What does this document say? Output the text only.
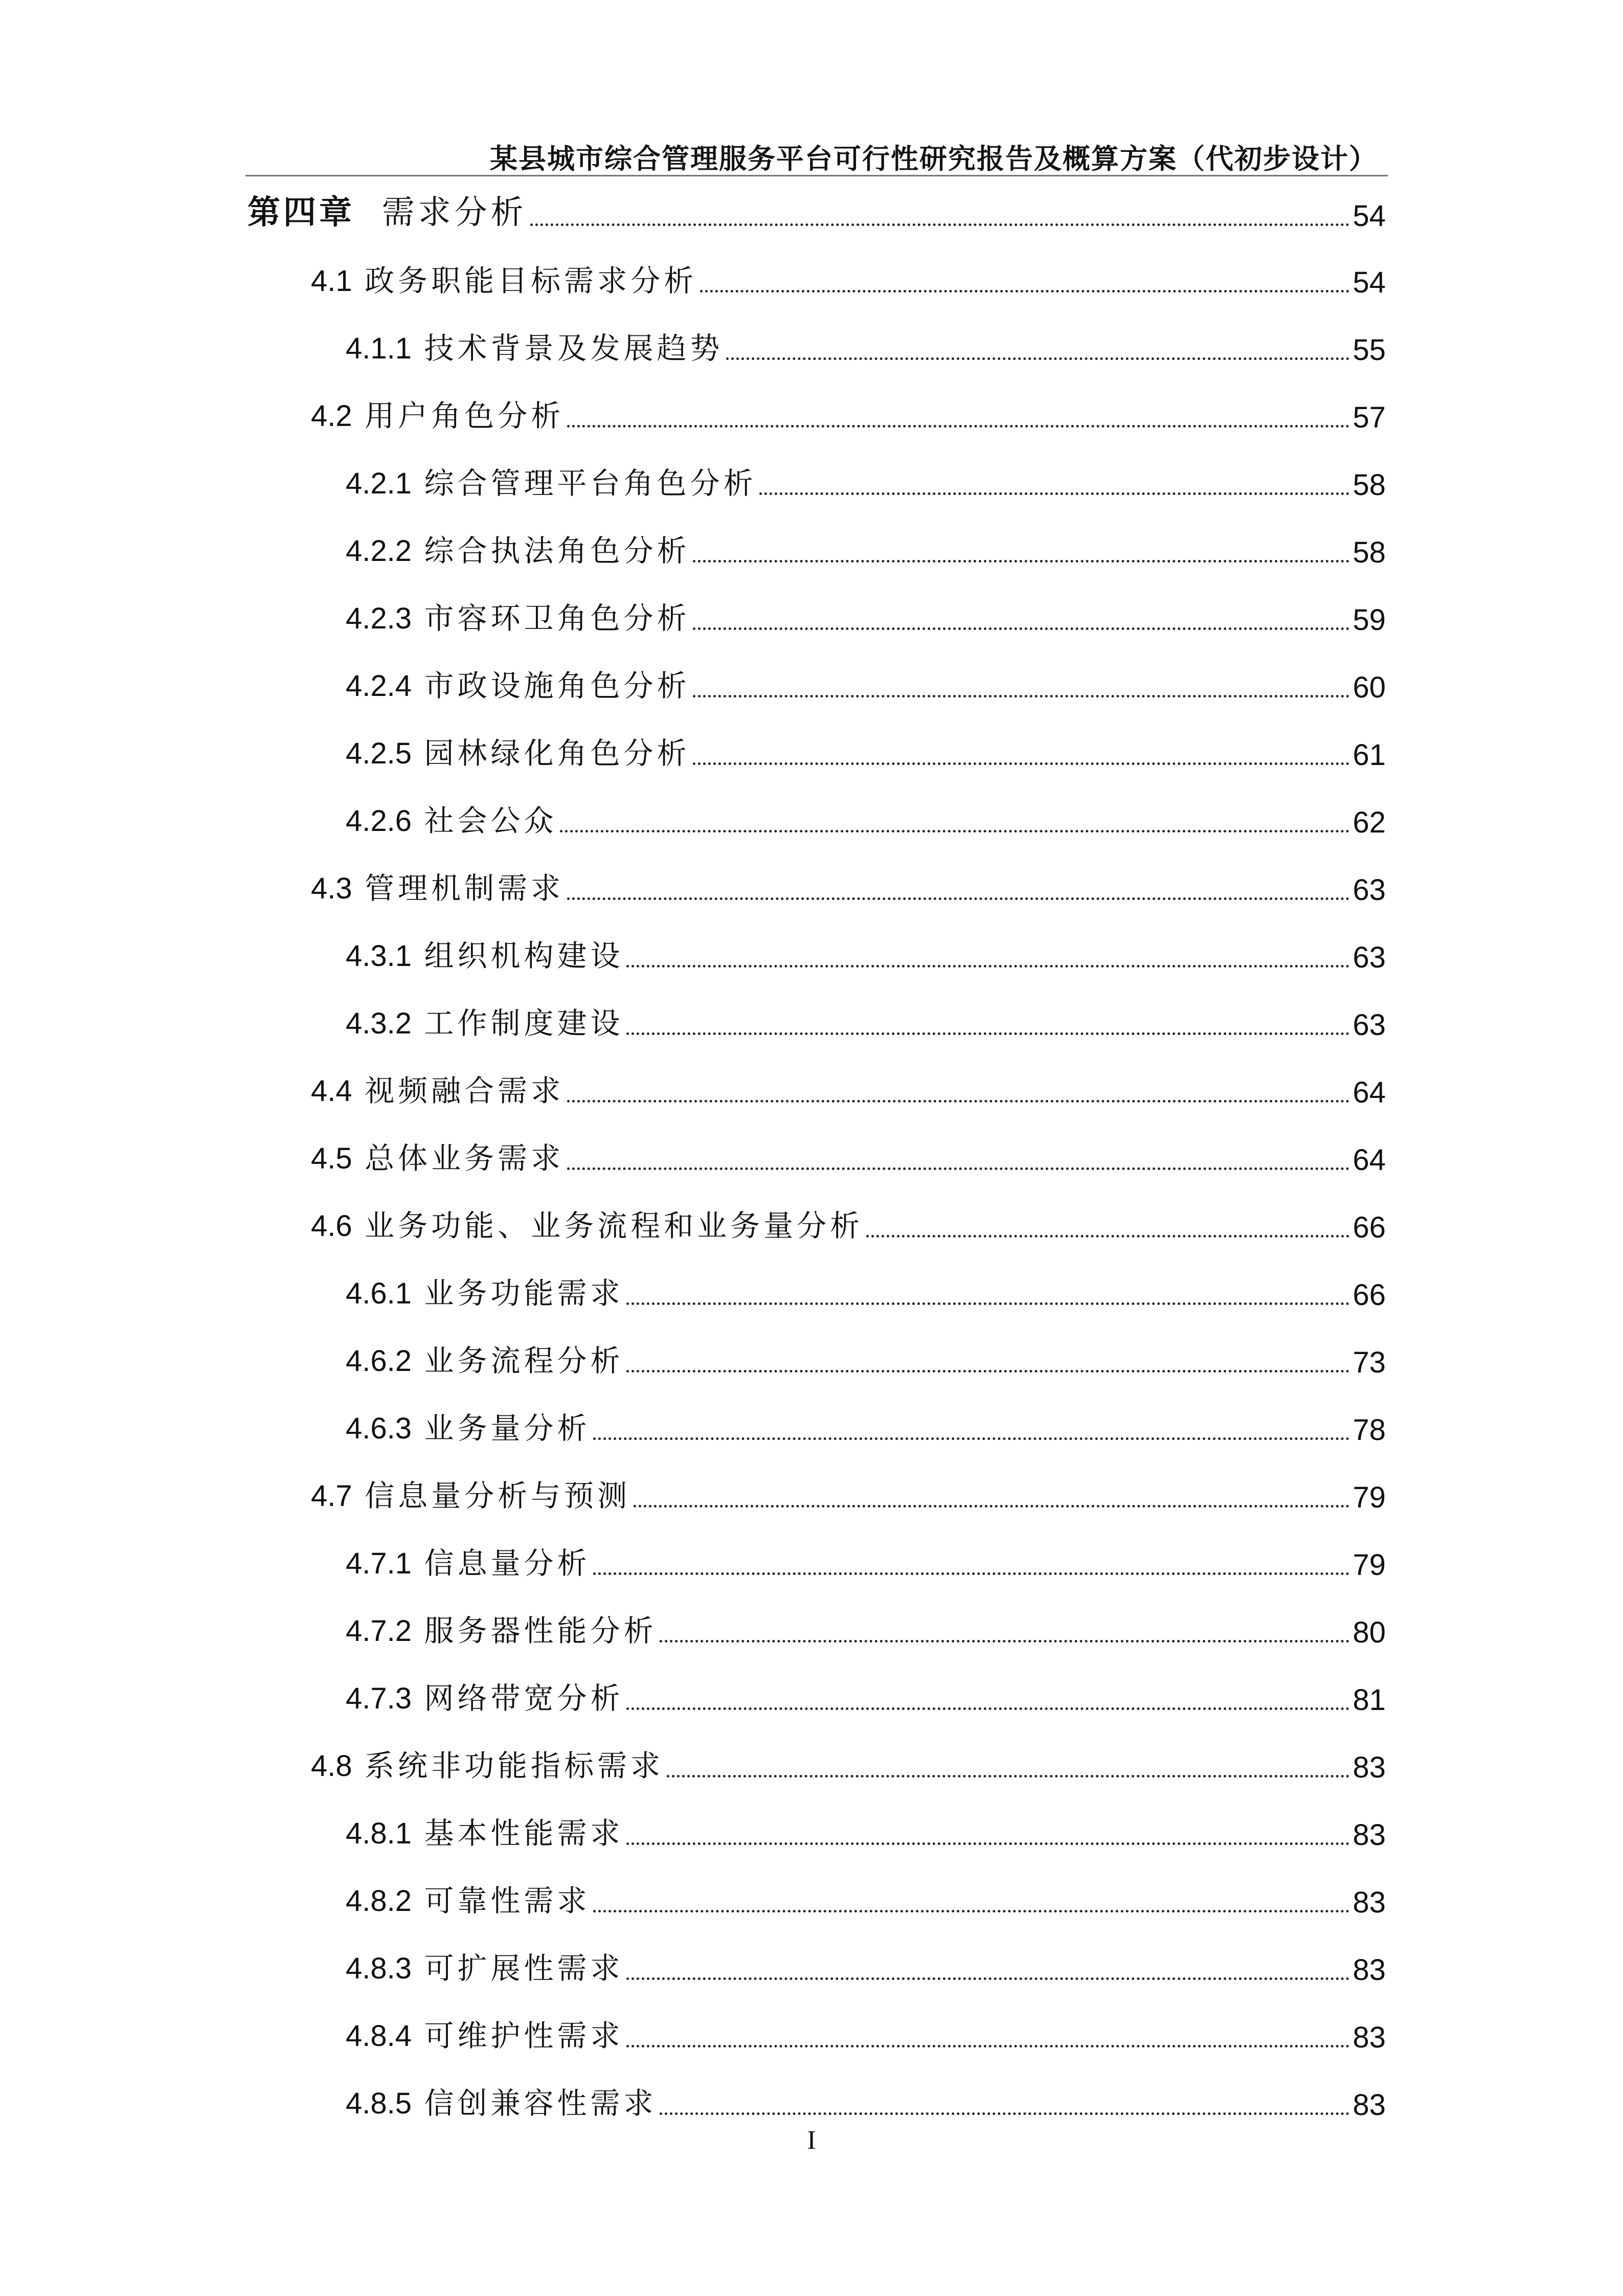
某县城市综合管理服务平台可行性研究报告及概算方案（代初步设计）
第四章 需求分析	54
4.1 政务职能目标需求分析	54
4.1.1 技术背景及发展趋势	55
4.2 用户角色分析	57
4.2.1 综合管理平台角色分析	58
4.2.2 综合执法角色分析	58
4.2.3 市容环卫角色分析	59
4.2.4 市政设施角色分析	60
4.2.5 园林绿化角色分析	61
4.2.6 社会公众	62
4.3 管理机制需求	63
4.3.1 组织机构建设	63
4.3.2 工作制度建设	63
4.4 视频融合需求	64
4.5 总体业务需求	64
4.6 业务功能、业务流程和业务量分析	66
4.6.1 业务功能需求	66
4.6.2 业务流程分析	73
4.6.3 业务量分析	78
4.7 信息量分析与预测	79
4.7.1 信息量分析	79
4.7.2 服务器性能分析	80
4.7.3 网络带宽分析	81
4.8 系统非功能指标需求	83
4.8.1 基本性能需求	83
4.8.2 可靠性需求	83
4.8.3 可扩展性需求	83
4.8.4 可维护性需求	83
4.8.5 信创兼容性需求	83
I
